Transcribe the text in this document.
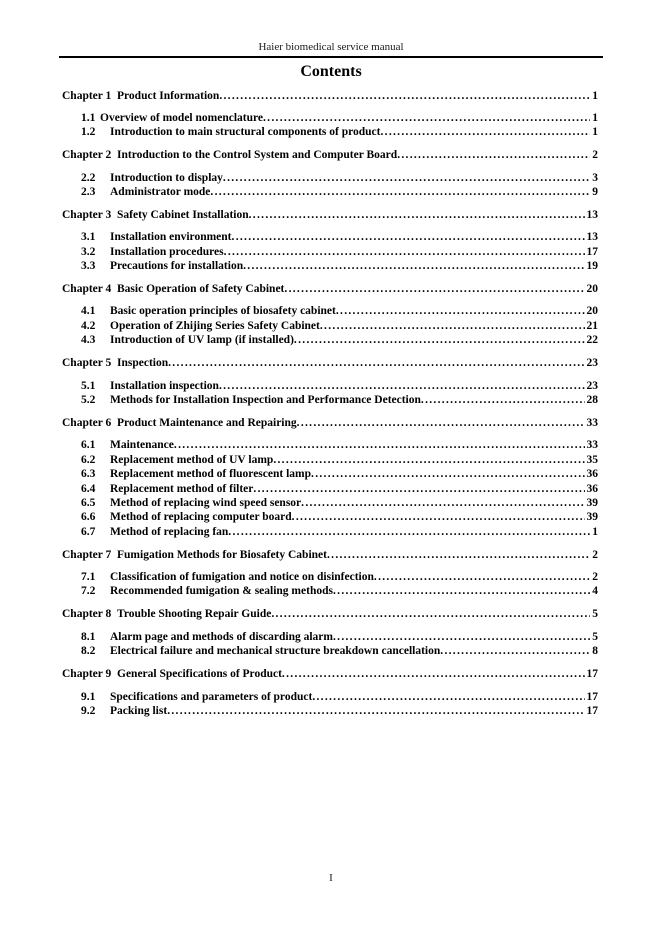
Haier biomedical service manual
Contents
Chapter 1 Product Information .....	1
1.1 Overview of model nomenclature .....	1
1.2	Introduction to main structural components of product .....	1
Chapter 2 Introduction to the Control System and Computer Board .....	2
2.2	Introduction to display .....	3
2.3	Administrator mode .....	9
Chapter 3 Safety Cabinet Installation .....	13
3.1	Installation environment .....	13
3.2	Installation procedures .....	17
3.3	Precautions for installation .....	19
Chapter 4 Basic Operation of Safety Cabinet .....	20
4.1	Basic operation principles of biosafety cabinet .....	20
4.2	Operation of Zhijing Series Safety Cabinet .....	21
4.3	Introduction of UV lamp (if installed) .....	22
Chapter 5 Inspection .....	23
5.1	Installation inspection .....	23
5.2	Methods for Installation Inspection and Performance Detection .....	28
Chapter 6 Product Maintenance and Repairing .....	33
6.1	Maintenance .....	33
6.2	Replacement method of UV lamp .....	35
6.3	Replacement method of fluorescent lamp .....	36
6.4	Replacement method of filter .....	36
6.5	Method of replacing wind speed sensor .....	39
6.6	Method of replacing computer board .....	39
6.7	Method of replacing fan .....	1
Chapter 7 Fumigation Methods for Biosafety Cabinet .....	2
7.1	Classification of fumigation and notice on disinfection .....	2
7.2	Recommended fumigation & sealing methods .....	4
Chapter 8 Trouble Shooting Repair Guide .....	5
8.1	Alarm page and methods of discarding alarm .....	5
8.2	Electrical failure and mechanical structure breakdown cancellation .....	8
Chapter 9 General Specifications of Product .....	17
9.1	Specifications and parameters of product .....	17
9.2	Packing list .....	17
I
